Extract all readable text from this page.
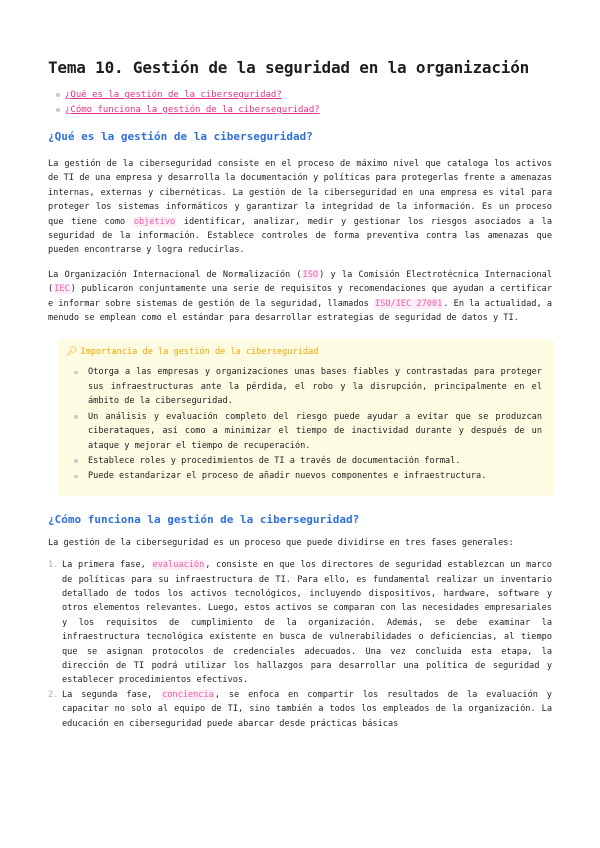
Tema 10. Gestión de la seguridad en la organización
¿Qué es la gestión de la ciberseguridad?
¿Cómo funciona la gestión de la ciberseguridad?
¿Qué es la gestión de la ciberseguridad?

La gestión de la ciberseguridad consiste en el proceso de máximo nivel que cataloga los activos de TI de una empresa y desarrolla la documentación y políticas para protegerlas frente a amenazas internas, externas y cibernéticas. La gestión de la ciberseguridad en una empresa es vital para proteger los sistemas informáticos y garantizar la integridad de la información. Es un proceso que tiene como objetivo identificar, analizar, medir y gestionar los riesgos asociados a la seguridad de la información. Establece controles de forma preventiva contra las amenazas que pueden encontrarse y logra reducirlas.

La Organización Internacional de Normalización (ISO) y la Comisión Electrotécnica Internacional (IEC) publicaron conjuntamente una serie de requisitos y recomendaciones que ayudan a certificar e informar sobre sistemas de gestión de la seguridad, llamados ISO/IEC 27001. En la actualidad, a menudo se emplean como el estándar para desarrollar estrategias de seguridad de datos y TI.

🔎︎ Importancia de la gestión de la ciberseguridad
Otorga a las empresas y organizaciones unas bases fiables y contrastadas para proteger sus infraestructuras ante la pérdida, el robo y la disrupción, principalmente en el ámbito de la ciberseguridad.
Un análisis y evaluación completo del riesgo puede ayudar a evitar que se produzcan ciberataques, así como a minimizar el tiempo de inactividad durante y después de un ataque y mejorar el tiempo de recuperación.
Establece roles y procedimientos de TI a través de documentación formal.
Puede estandarizar el proceso de añadir nuevos componentes e infraestructura.
¿Cómo funciona la gestión de la ciberseguridad?

La gestión de la ciberseguridad es un proceso que puede dividirse en tres fases generales:

1. La primera fase, evaluación, consiste en que los directores de seguridad establezcan un marco de políticas para su infraestructura de TI. Para ello, es fundamental realizar un inventario detallado de todos los activos tecnológicos, incluyendo dispositivos, hardware, software y otros elementos relevantes. Luego, estos activos se comparan con las necesidades empresariales y los requisitos de cumplimiento de la organización. Además, se debe examinar la infraestructura tecnológica existente en busca de vulnerabilidades o deficiencias, al tiempo que se asignan protocolos de credenciales adecuados. Una vez concluida esta etapa, la dirección de TI podrá utilizar los hallazgos para desarrollar una política de seguridad y establecer procedimientos efectivos.
2. La segunda fase, conciencia, se enfoca en compartir los resultados de la evaluación y capacitar no solo al equipo de TI, sino también a todos los empleados de la organización. La educación en ciberseguridad puede abarcar desde prácticas básicas
